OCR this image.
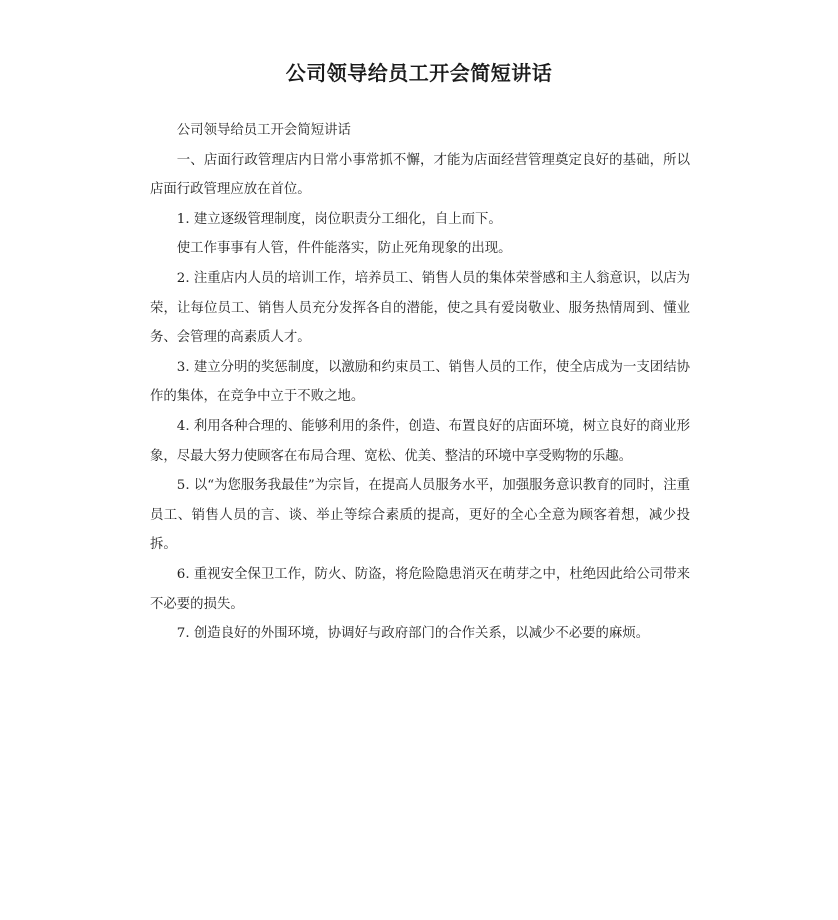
公司领导给员工开会简短讲话

公司领导给员工开会简短讲话

一、店面行政管理店内日常小事常抓不懈，才能为店面经营管理奠定良好的基础，所以店面行政管理应放在首位。

1. 建立逐级管理制度，岗位职责分工细化，自上而下。

使工作事事有人管，件件能落实，防止死角现象的出现。

2. 注重店内人员的培训工作，培养员工、销售人员的集体荣誉感和主人翁意识，以店为荣，让每位员工、销售人员充分发挥各自的潜能，使之具有爱岗敬业、服务热情周到、懂业务、会管理的高素质人才。

3. 建立分明的奖惩制度，以激励和约束员工、销售人员的工作，使全店成为一支团结协作的集体，在竞争中立于不败之地。

4. 利用各种合理的、能够利用的条件，创造、布置良好的店面环境，树立良好的商业形象，尽最大努力使顾客在布局合理、宽松、优美、整洁的环境中享受购物的乐趣。

5. 以“为您服务我最佳”为宗旨，在提高人员服务水平，加强服务意识教育的同时，注重员工、销售人员的言、谈、举止等综合素质的提高，更好的全心全意为顾客着想，减少投拆。

6. 重视安全保卫工作，防火、防盗，将危险隐患消灭在萌芽之中，杜绝因此给公司带来不必要的损失。

7. 创造良好的外围环境，协调好与政府部门的合作关系，以减少不必要的麻烦。
